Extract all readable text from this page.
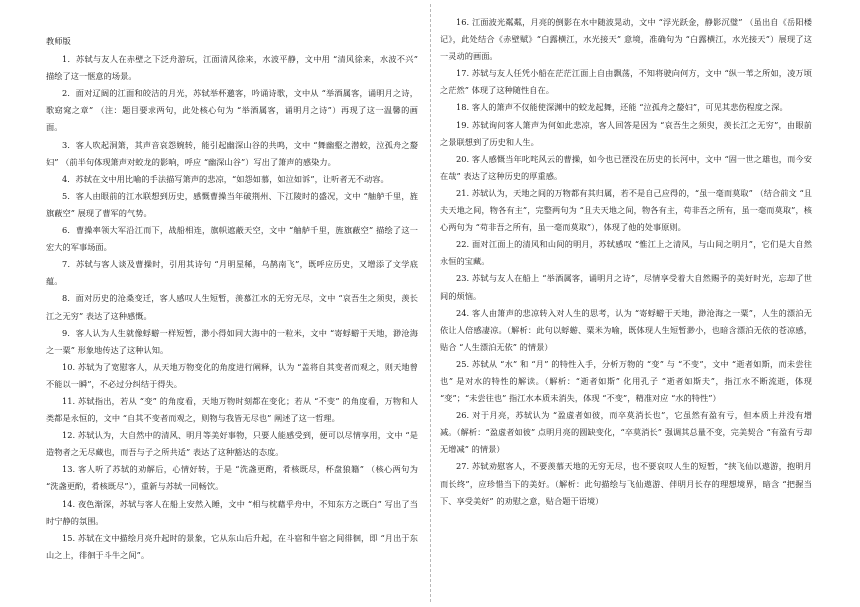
教师版

1．苏轼与友人在赤壁之下泛舟游玩，江面清风徐来，水波平静，文中用 “清风徐来，水波不兴” 描绘了这一惬意的场景。

2．面对辽阔的江面和皎洁的月光，苏轼举杯邀客，吟诵诗歌，文中从 “举酒属客，诵明月之诗，歌窈窕之章” （注：题目要求两句，此处核心句为 “举酒属客，诵明月之诗”）再现了这一温馨的画面。

3．客人吹起洞箫，其声音哀怨婉转，能引起幽深山谷的共鸣，文中 “舞幽壑之潜蛟，泣孤舟之嫠妇” （前半句体现箫声对蛟龙的影响，呼应 “幽深山谷”）写出了箫声的感染力。

4．苏轼在文中用比喻的手法描写箫声的悲凉，“如怨如慕，如泣如诉”，让听者无不动容。

5．客人由眼前的江水联想到历史，感慨曹操当年破荆州、下江陵时的盛况，文中 “舳舻千里，旌旗蔽空” 展现了曹军的气势。

6．曹操率领大军沿江而下，战船相连，旗帜遮蔽天空，文中 “舳舻千里，旌旗蔽空” 描绘了这一宏大的军事场面。

7．苏轼与客人谈及曹操时，引用其诗句 “月明星稀，乌鹊南飞”，既呼应历史，又增添了文学底蕴。

8．面对历史的沧桑变迁，客人感叹人生短暂，羡慕江水的无穷无尽，文中 “哀吾生之须臾，羡长江之无穷” 表达了这种感慨。

9．客人认为人生就像蜉蝣一样短暂，渺小得如同大海中的一粒米，文中 “寄蜉蝣于天地，渺沧海之一粟” 形象地传达了这种认知。

10. 苏轼为了宽慰客人，从天地万物变化的角度进行阐释，认为 “盖将自其变者而观之，则天地曾不能以一瞬”，不必过分纠结于得失。

11. 苏轼指出，若从 “变” 的角度看，天地万物时刻都在变化；若从 “不变” 的角度看，万物和人类都是永恒的，文中 “自其不变者而观之，则物与我皆无尽也” 阐述了这一哲理。

12. 苏轼认为，大自然中的清风、明月等美好事物，只要人能感受到，便可以尽情享用，文中 “是造物者之无尽藏也，而吾与子之所共适” 表达了这种豁达的态度。

13. 客人听了苏轼的劝解后，心情好转，于是 “洗盏更酌，肴核既尽，杯盘狼籍” （核心两句为 “洗盏更酌，肴核既尽”），重新与苏轼一同畅饮。

14. 夜色渐深，苏轼与客人在船上安然入睡，文中 “相与枕藉乎舟中，不知东方之既白” 写出了当时宁静的氛围。

15. 苏轼在文中描绘月亮升起时的景象，它从东山后升起，在斗宿和牛宿之间徘徊，即 “月出于东山之上，徘徊于斗牛之间”。

16. 江面波光粼粼，月亮的倒影在水中随波晃动，文中 “浮光跃金，静影沉璧” （虽出自《岳阳楼记》，此处结合《赤壁赋》“白露横江，水光接天” 意境，准确句为 “白露横江，水光接天”）展现了这一灵动的画面。

17. 苏轼与友人任凭小船在茫茫江面上自由飘荡，不知将驶向何方，文中 “纵一苇之所如，凌万顷之茫然” 体现了这种随性自在。

18. 客人的箫声不仅能使深渊中的蛟龙起舞，还能 “泣孤舟之嫠妇”，可见其悲伤程度之深。

19. 苏轼询问客人箫声为何如此悲凉，客人回答是因为 “哀吾生之须臾，羡长江之无穷”，由眼前之景联想到了历史和人生。

20. 客人感慨当年叱咤风云的曹操，如今也已湮没在历史的长河中，文中 “固一世之雄也，而今安在哉” 表达了这种历史的厚重感。

21. 苏轼认为，天地之间的万物都有其归属，若不是自己应得的，“虽一毫而莫取” （结合前文 “且夫天地之间，物各有主”，完整两句为 “且夫天地之间，物各有主，苟非吾之所有，虽一毫而莫取”，核心两句为 “苟非吾之所有，虽一毫而莫取”），体现了他的处事原则。

22. 面对江面上的清风和山间的明月，苏轼感叹 “惟江上之清风，与山间之明月”，它们是大自然永恒的宝藏。

23. 苏轼与友人在船上 “举酒属客，诵明月之诗”，尽情享受着大自然赐予的美好时光，忘却了世间的烦恼。

24. 客人由箫声的悲凉转入对人生的思考，认为 “寄蜉蝣于天地，渺沧海之一粟”，人生的漂泊无依让人倍感凄凉。（解析：此句以蜉蝣、粟米为喻，既体现人生短暂渺小，也暗含漂泊无依的苍凉感，贴合 “人生漂泊无依” 的情景）

25. 苏轼从 “水” 和 “月” 的特性入手，分析万物的 “变” 与 “不变”，文中 “逝者如斯，而未尝往也” 是对水的特性的解读。（解析：“逝者如斯” 化用孔子 “逝者如斯夫”，指江水不断流逝，体现 “变”；“未尝往也” 指江水本质未消失，体现 “不变”，精准对应 “水的特性”）

26. 对于月亮，苏轼认为 “盈虚者如彼，而卒莫消长也”，它虽然有盈有亏，但本质上并没有增减。（解析：“盈虚者如彼” 点明月亮的圆缺变化，“卒莫消长” 强调其总量不变，完美契合 “有盈有亏却无增减” 的情景）

27. 苏轼劝慰客人，不要羡慕天地的无穷无尽，也不要哀叹人生的短暂，“挟飞仙以遨游，抱明月而长终”，应珍惜当下的美好。（解析：此句描绘与飞仙遨游、伴明月长存的理想境界，暗含 “把握当下、享受美好” 的劝慰之意，贴合题干语境）
